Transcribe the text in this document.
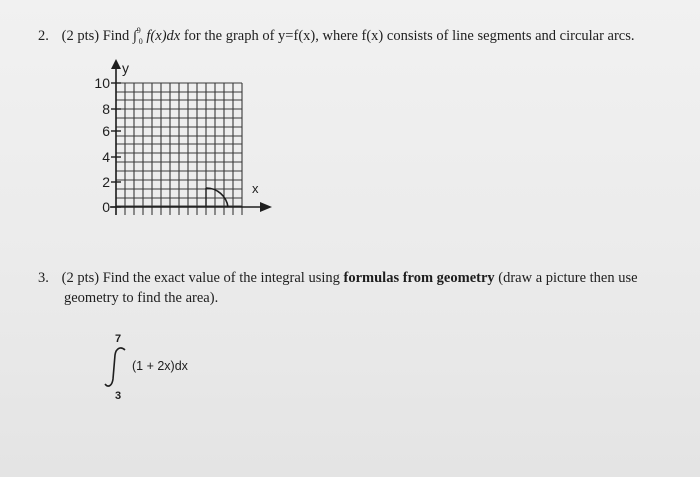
2. (2 pts) Find ∫$^9_0$ f(x)dx for the graph of y=f(x), where f(x) consists of line segments and circular arcs.
y
x
10
8
6
4
2
0
3. (2 pts) Find the exact value of the integral using formulas from geometry (draw a picture then use
geometry to find the area).
7
(1 + 2x)dx
3
